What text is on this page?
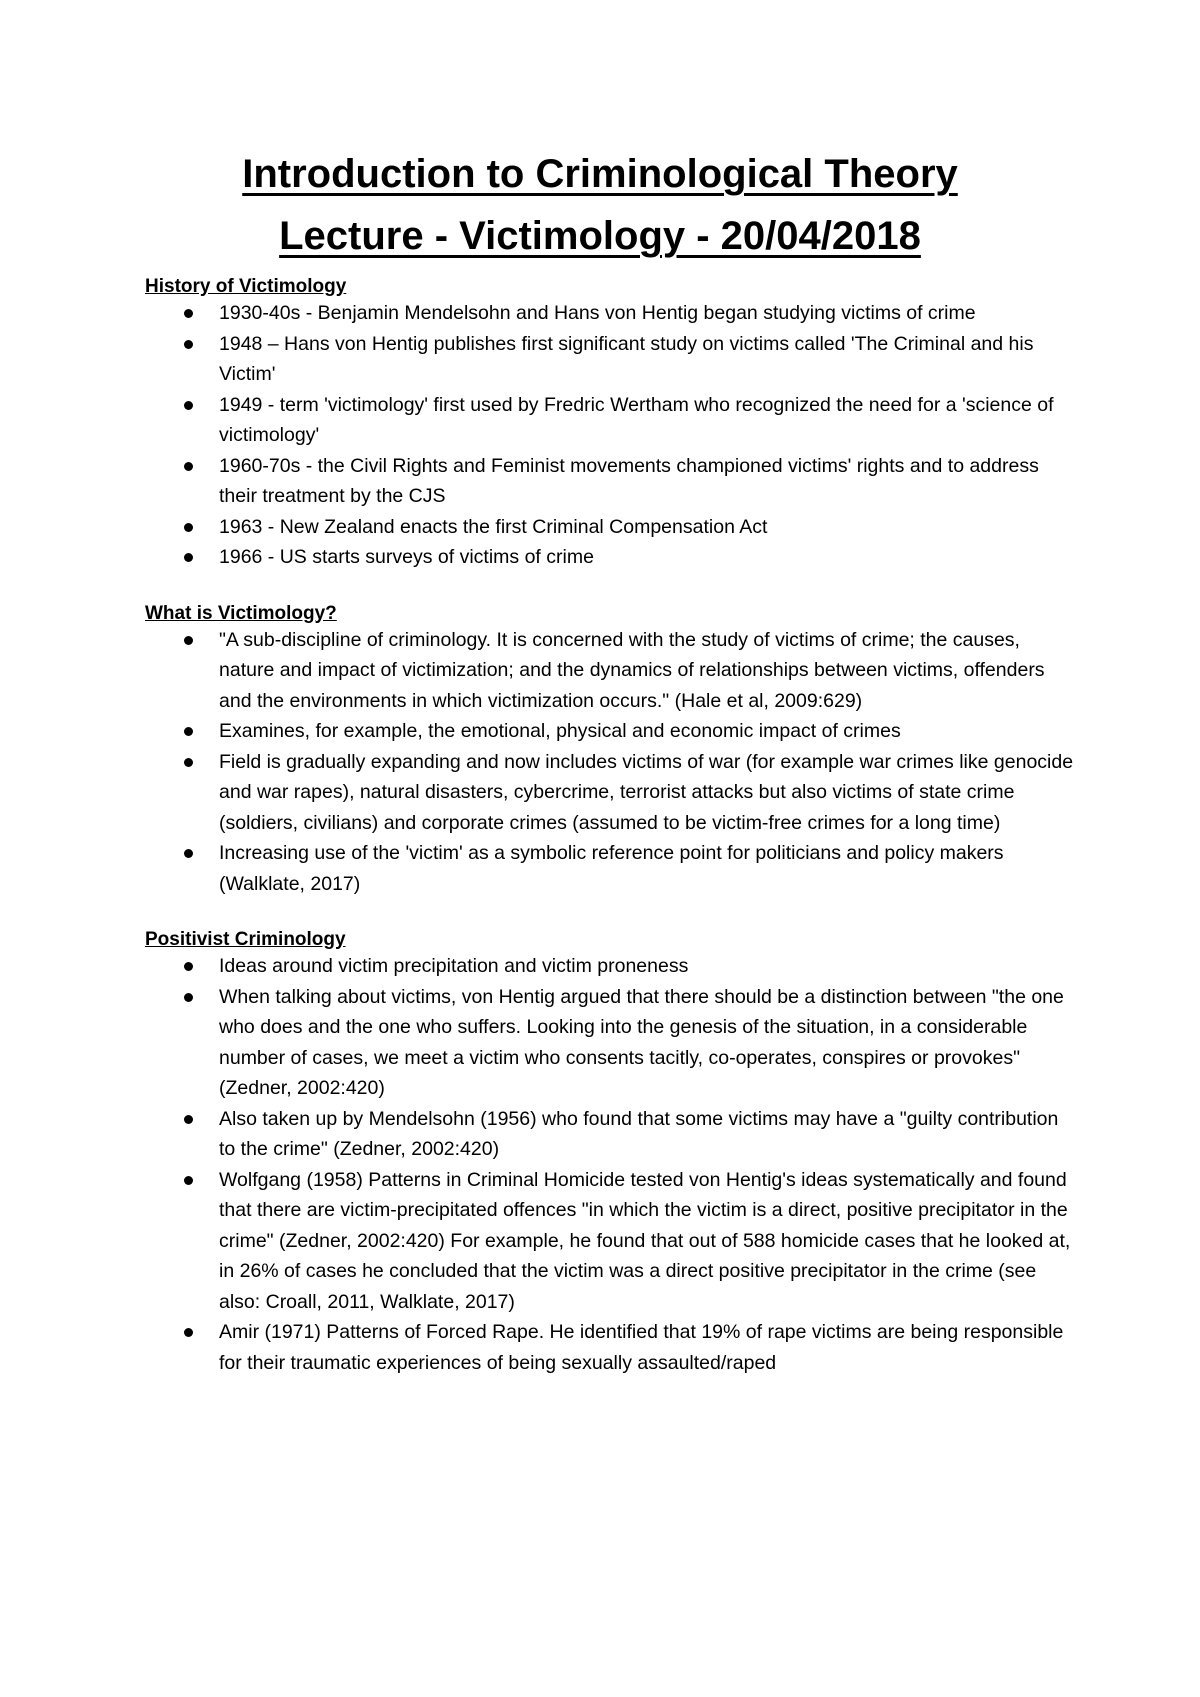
Introduction to Criminological Theory
Lecture - Victimology - 20/04/2018
History of Victimology
1930-40s - Benjamin Mendelsohn and Hans von Hentig began studying victims of crime
1948 – Hans von Hentig publishes first significant study on victims called 'The Criminal and his Victim'
1949 - term 'victimology' first used by Fredric Wertham who recognized the need for a 'science of victimology'
1960-70s - the Civil Rights and Feminist movements championed victims' rights and to address their treatment by the CJS
1963 - New Zealand enacts the first Criminal Compensation Act
1966 - US starts surveys of victims of crime
What is Victimology?
"A sub-discipline of criminology. It is concerned with the study of victims of crime; the causes, nature and impact of victimization; and the dynamics of relationships between victims, offenders and the environments in which victimization occurs." (Hale et al, 2009:629)
Examines, for example, the emotional, physical and economic impact of crimes
Field is gradually expanding and now includes victims of war (for example war crimes like genocide and war rapes), natural disasters, cybercrime, terrorist attacks but also victims of state crime (soldiers, civilians) and corporate crimes (assumed to be victim-free crimes for a long time)
Increasing use of the 'victim' as a symbolic reference point for politicians and policy makers (Walklate, 2017)
Positivist Criminology
Ideas around victim precipitation and victim proneness
When talking about victims, von Hentig argued that there should be a distinction between "the one who does and the one who suffers. Looking into the genesis of the situation, in a considerable number of cases, we meet a victim who consents tacitly, co-operates, conspires or provokes" (Zedner, 2002:420)
Also taken up by Mendelsohn (1956) who found that some victims may have a "guilty contribution to the crime" (Zedner, 2002:420)
Wolfgang (1958) Patterns in Criminal Homicide tested von Hentig's ideas systematically and found that there are victim-precipitated offences "in which the victim is a direct, positive precipitator in the crime" (Zedner, 2002:420) For example, he found that out of 588 homicide cases that he looked at, in 26% of cases he concluded that the victim was a direct positive precipitator in the crime (see also: Croall, 2011, Walklate, 2017)
Amir (1971) Patterns of Forced Rape. He identified that 19% of rape victims are being responsible for their traumatic experiences of being sexually assaulted/raped
